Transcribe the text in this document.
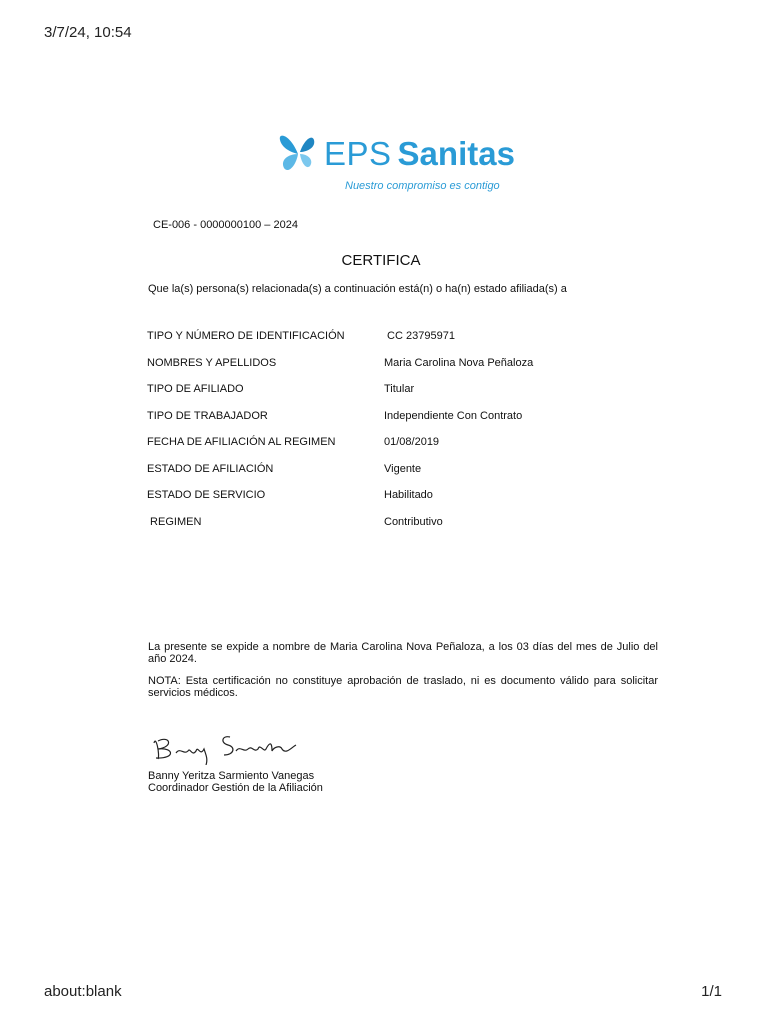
3/7/24, 10:54
EPS Sanitas
Nuestro compromiso es contigo
CE-006 - 0000000100 – 2024
CERTIFICA
Que la(s) persona(s) relacionada(s) a continuación está(n) o ha(n) estado afiliada(s) a
TIPO Y NÚMERO DE IDENTIFICACIÓN	CC 23795971
NOMBRES Y APELLIDOS	Maria Carolina Nova Peñaloza
TIPO DE AFILIADO	Titular
TIPO DE TRABAJADOR	Independiente Con Contrato
FECHA DE AFILIACIÓN AL REGIMEN	01/08/2019
ESTADO DE AFILIACIÓN	Vigente
ESTADO DE SERVICIO	Habilitado
REGIMEN	Contributivo
La presente se expide a nombre de Maria Carolina Nova Peñaloza, a los 03 días del mes de Julio del año 2024.
NOTA: Esta certificación no constituye aprobación de traslado, ni es documento válido para solicitar servicios médicos.
Banny Yeritza Sarmiento Vanegas
Coordinador Gestión de la Afiliación
about:blank	1/1
